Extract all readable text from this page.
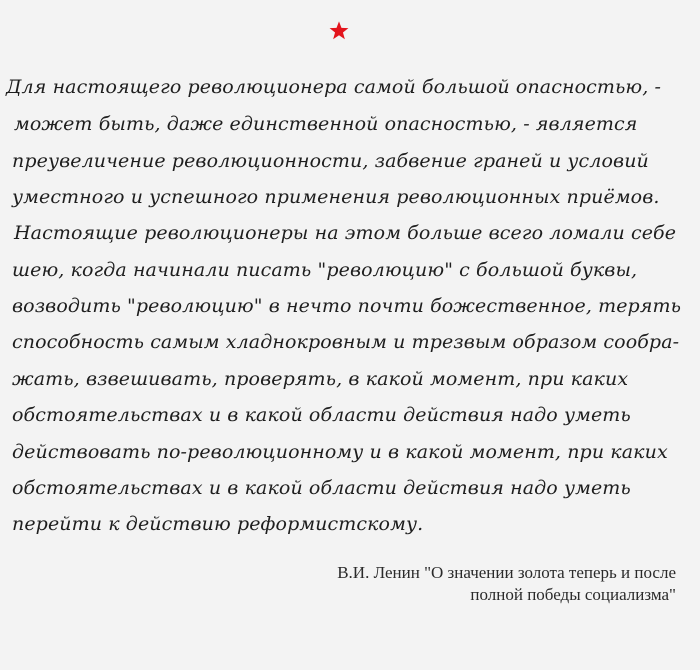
Для настоящего революционера самой большой опасностью, -
может быть, даже единственной опасностью, - является
преувеличение революционности, забвение граней и условий
уместного и успешного применения революционных приёмов.
Настоящие революционеры на этом больше всего ломали себе
шею, когда начинали писать "революцию" с большой буквы,
возводить "революцию" в нечто почти божественное, терять
способность самым хладнокровным и трезвым образом сообра-
жать, взвешивать, проверять, в какой момент, при каких
обстоятельствах и в какой области действия надо уметь
действовать по-революционному и в какой момент, при каких
обстоятельствах и в какой области действия надо уметь
перейти к действию реформистскому.
В.И. Ленин "О значении золота теперь и после
полной победы социализма"
